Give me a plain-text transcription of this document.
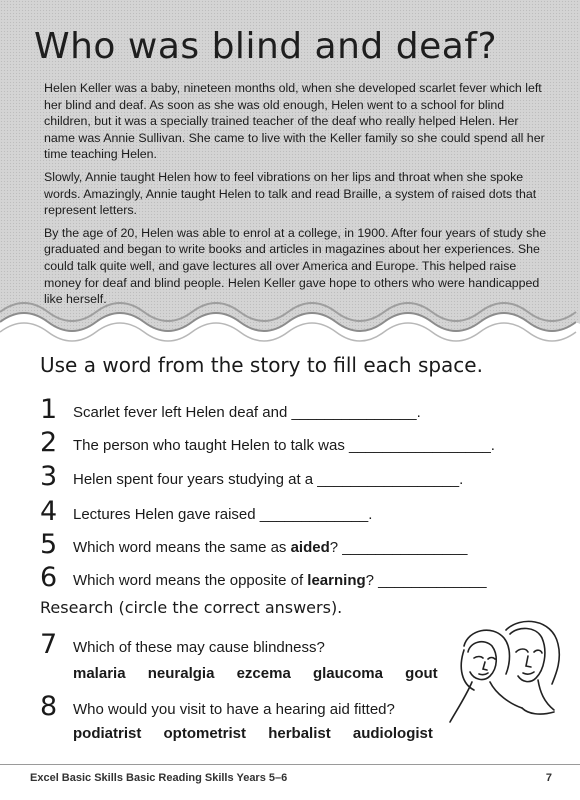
Who was blind and deaf?

Helen Keller was a baby, nineteen months old, when she developed scarlet fever which left her blind and deaf. As soon as she was old enough, Helen went to a school for blind children, but it was a specially trained teacher of the deaf who really helped Helen. Her name was Annie Sullivan. She came to live with the Keller family so she could spend all her time teaching Helen.

Slowly, Annie taught Helen how to feel vibrations on her lips and throat when she spoke words. Amazingly, Annie taught Helen to talk and read Braille, a system of raised dots that represent letters.

By the age of 20, Helen was able to enrol at a college, in 1900. After four years of study she graduated and began to write books and articles in magazines about her experiences. She could talk quite well, and gave lectures all over America and Europe. This helped raise money for deaf and blind people. Helen Keller gave hope to others who were handicapped like herself.

Use a word from the story to fill each space.
1 Scarlet fever left Helen deaf and _______________.
2 The person who taught Helen to talk was _________________.
3 Helen spent four years studying at a _________________.
4 Lectures Helen gave raised _____________.
5 Which word means the same as aided? _______________
6 Which word means the opposite of learning? _____________
Research (circle the correct answers).
7 Which of these may cause blindness?
malaria neuralgia ezcema glaucoma gout
8 Who would you visit to have a hearing aid fitted?
podiatrist optometrist herbalist audiologist
Excel Basic Skills Basic Reading Skills Years 5–6	7
